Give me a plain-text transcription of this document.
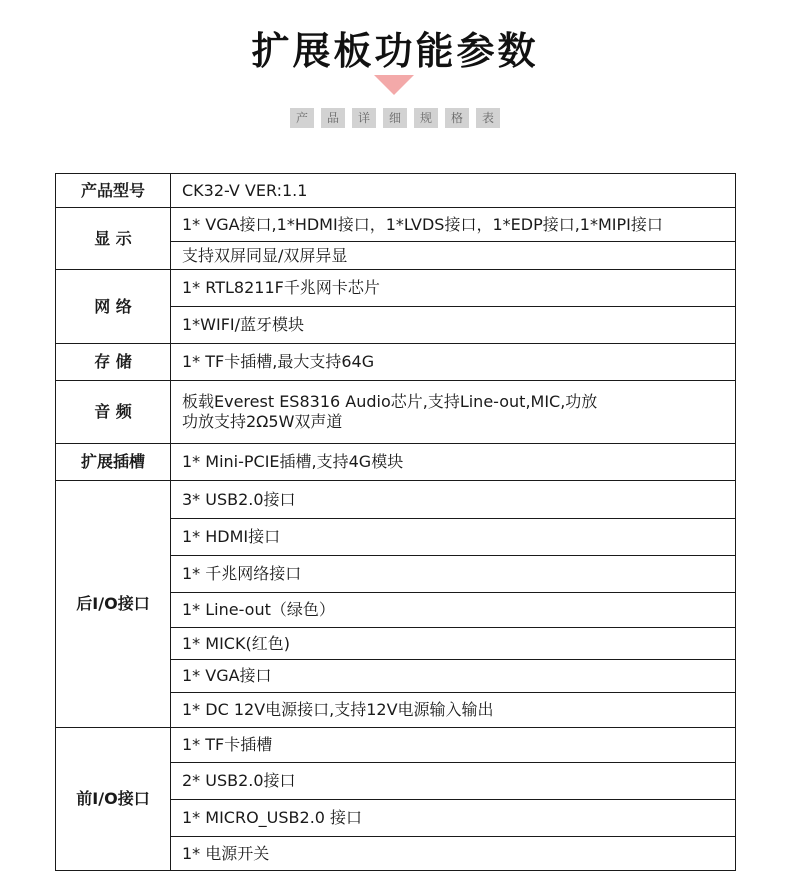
扩展板功能参数
产	品	详	细	规	格	表
产品型号	CK32-V VER:1.1
显 示	1* VGA接口,1*HDMI接口，1*LVDS接口，1*EDP接口,1*MIPI接口
	支持双屏同显/双屏异显
网 络	1* RTL8211F千兆网卡芯片
	1*WIFI/蓝牙模块
存 储	1* TF卡插槽,最大支持64G
音 频	板载Everest ES8316 Audio芯片,支持Line-out,MIC,功放
功放支持2Ω5W双声道
扩展插槽	1* Mini-PCIE插槽,支持4G模块
后I/O接口	3* USB2.0接口
	1* HDMI接口
	1* 千兆网络接口
	1* Line-out（绿色）
	1* MICK(红色)
	1* VGA接口
	1* DC 12V电源接口,支持12V电源输入输出
前I/O接口	1* TF卡插槽
	2* USB2.0接口
	1* MICRO_USB2.0 接口
	1* 电源开关
